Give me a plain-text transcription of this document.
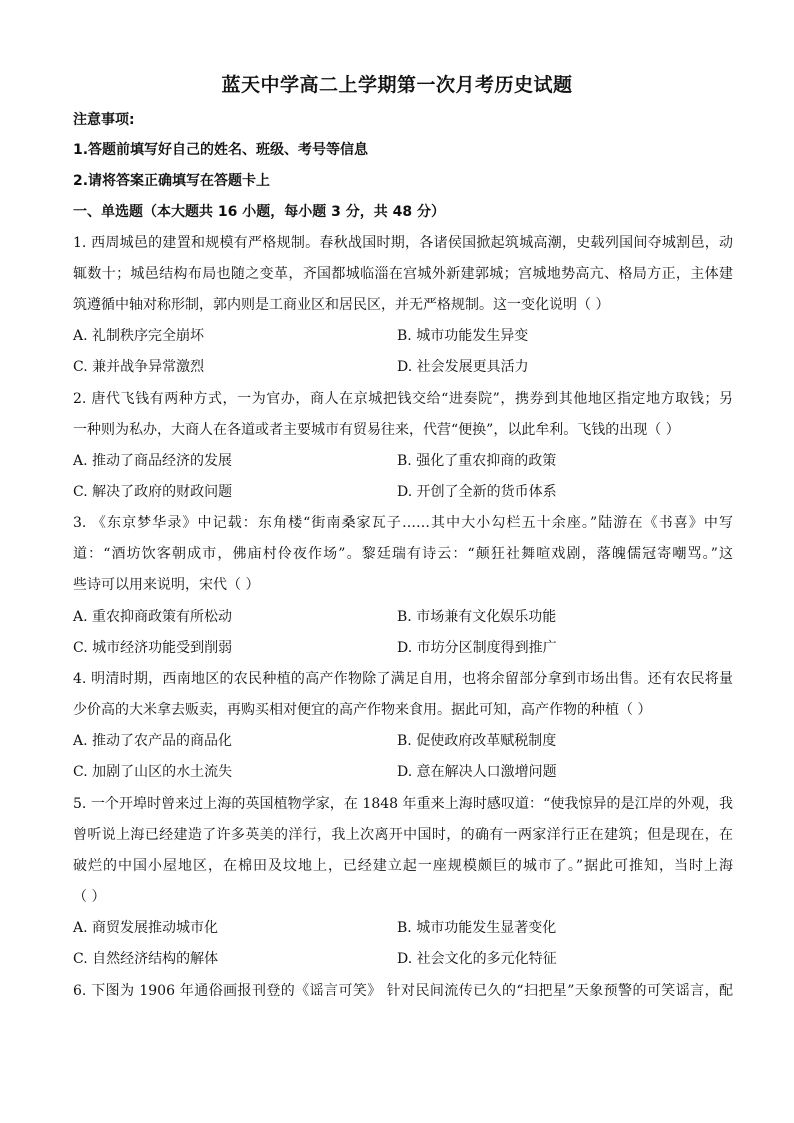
蓝天中学高二上学期第一次月考历史试题
注意事项:
1.答题前填写好自己的姓名、班级、考号等信息
2.请将答案正确填写在答题卡上
一、单选题（本大题共 16 小题，每小题 3 分，共 48 分）
1. 西周城邑的建置和规模有严格规制。春秋战国时期，各诸侯国掀起筑城高潮，史载列国间夺城割邑，动
辄数十；城邑结构布局也随之变革，齐国都城临淄在宫城外新建郭城；宫城地势高亢、格局方正，主体建
筑遵循中轴对称形制，郭内则是工商业区和居民区，并无严格规制。这一变化说明（ ）
A. 礼制秩序完全崩坏	B. 城市功能发生异变
C. 兼并战争异常激烈	D. 社会发展更具活力
2. 唐代飞钱有两种方式，一为官办，商人在京城把钱交给“进奏院”，携券到其他地区指定地方取钱；另
一种则为私办，大商人在各道或者主要城市有贸易往来，代营“便换”，以此牟利。飞钱的出现（ ）
A. 推动了商品经济的发展	B. 强化了重农抑商的政策
C. 解决了政府的财政问题	D. 开创了全新的货币体系
3. 《东京梦华录》中记载：东角楼“街南桑家瓦子……其中大小勾栏五十余座。”陆游在《书喜》中写
道：“酒坊饮客朝成市，佛庙村伶夜作场”。黎廷瑞有诗云：“颠狂社舞喧戏剧，落魄儒冠寄嘲骂。”这
些诗可以用来说明，宋代（ ）
A. 重农抑商政策有所松动	B. 市场兼有文化娱乐功能
C. 城市经济功能受到削弱	D. 市坊分区制度得到推广
4. 明清时期，西南地区的农民种植的高产作物除了满足自用，也将余留部分拿到市场出售。还有农民将量
少价高的大米拿去贩卖，再购买相对便宜的高产作物来食用。据此可知，高产作物的种植（ ）
A. 推动了农产品的商品化	B. 促使政府改革赋税制度
C. 加剧了山区的水土流失	D. 意在解决人口激增问题
5. 一个开埠时曾来过上海的英国植物学家，在 1848 年重来上海时感叹道：“使我惊异的是江岸的外观，我
曾听说上海已经建造了许多英美的洋行，我上次离开中国时，的确有一两家洋行正在建筑；但是现在，在
破烂的中国小屋地区，在棉田及坟地上，已经建立起一座规模颇巨的城市了。”据此可推知，当时上海
（ ）
A. 商贸发展推动城市化	B. 城市功能发生显著变化
C. 自然经济结构的解体	D. 社会文化的多元化特征
6. 下图为 1906 年通俗画报刊登的《谣言可笑》 针对民间流传已久的“扫把星”天象预警的可笑谣言，配
